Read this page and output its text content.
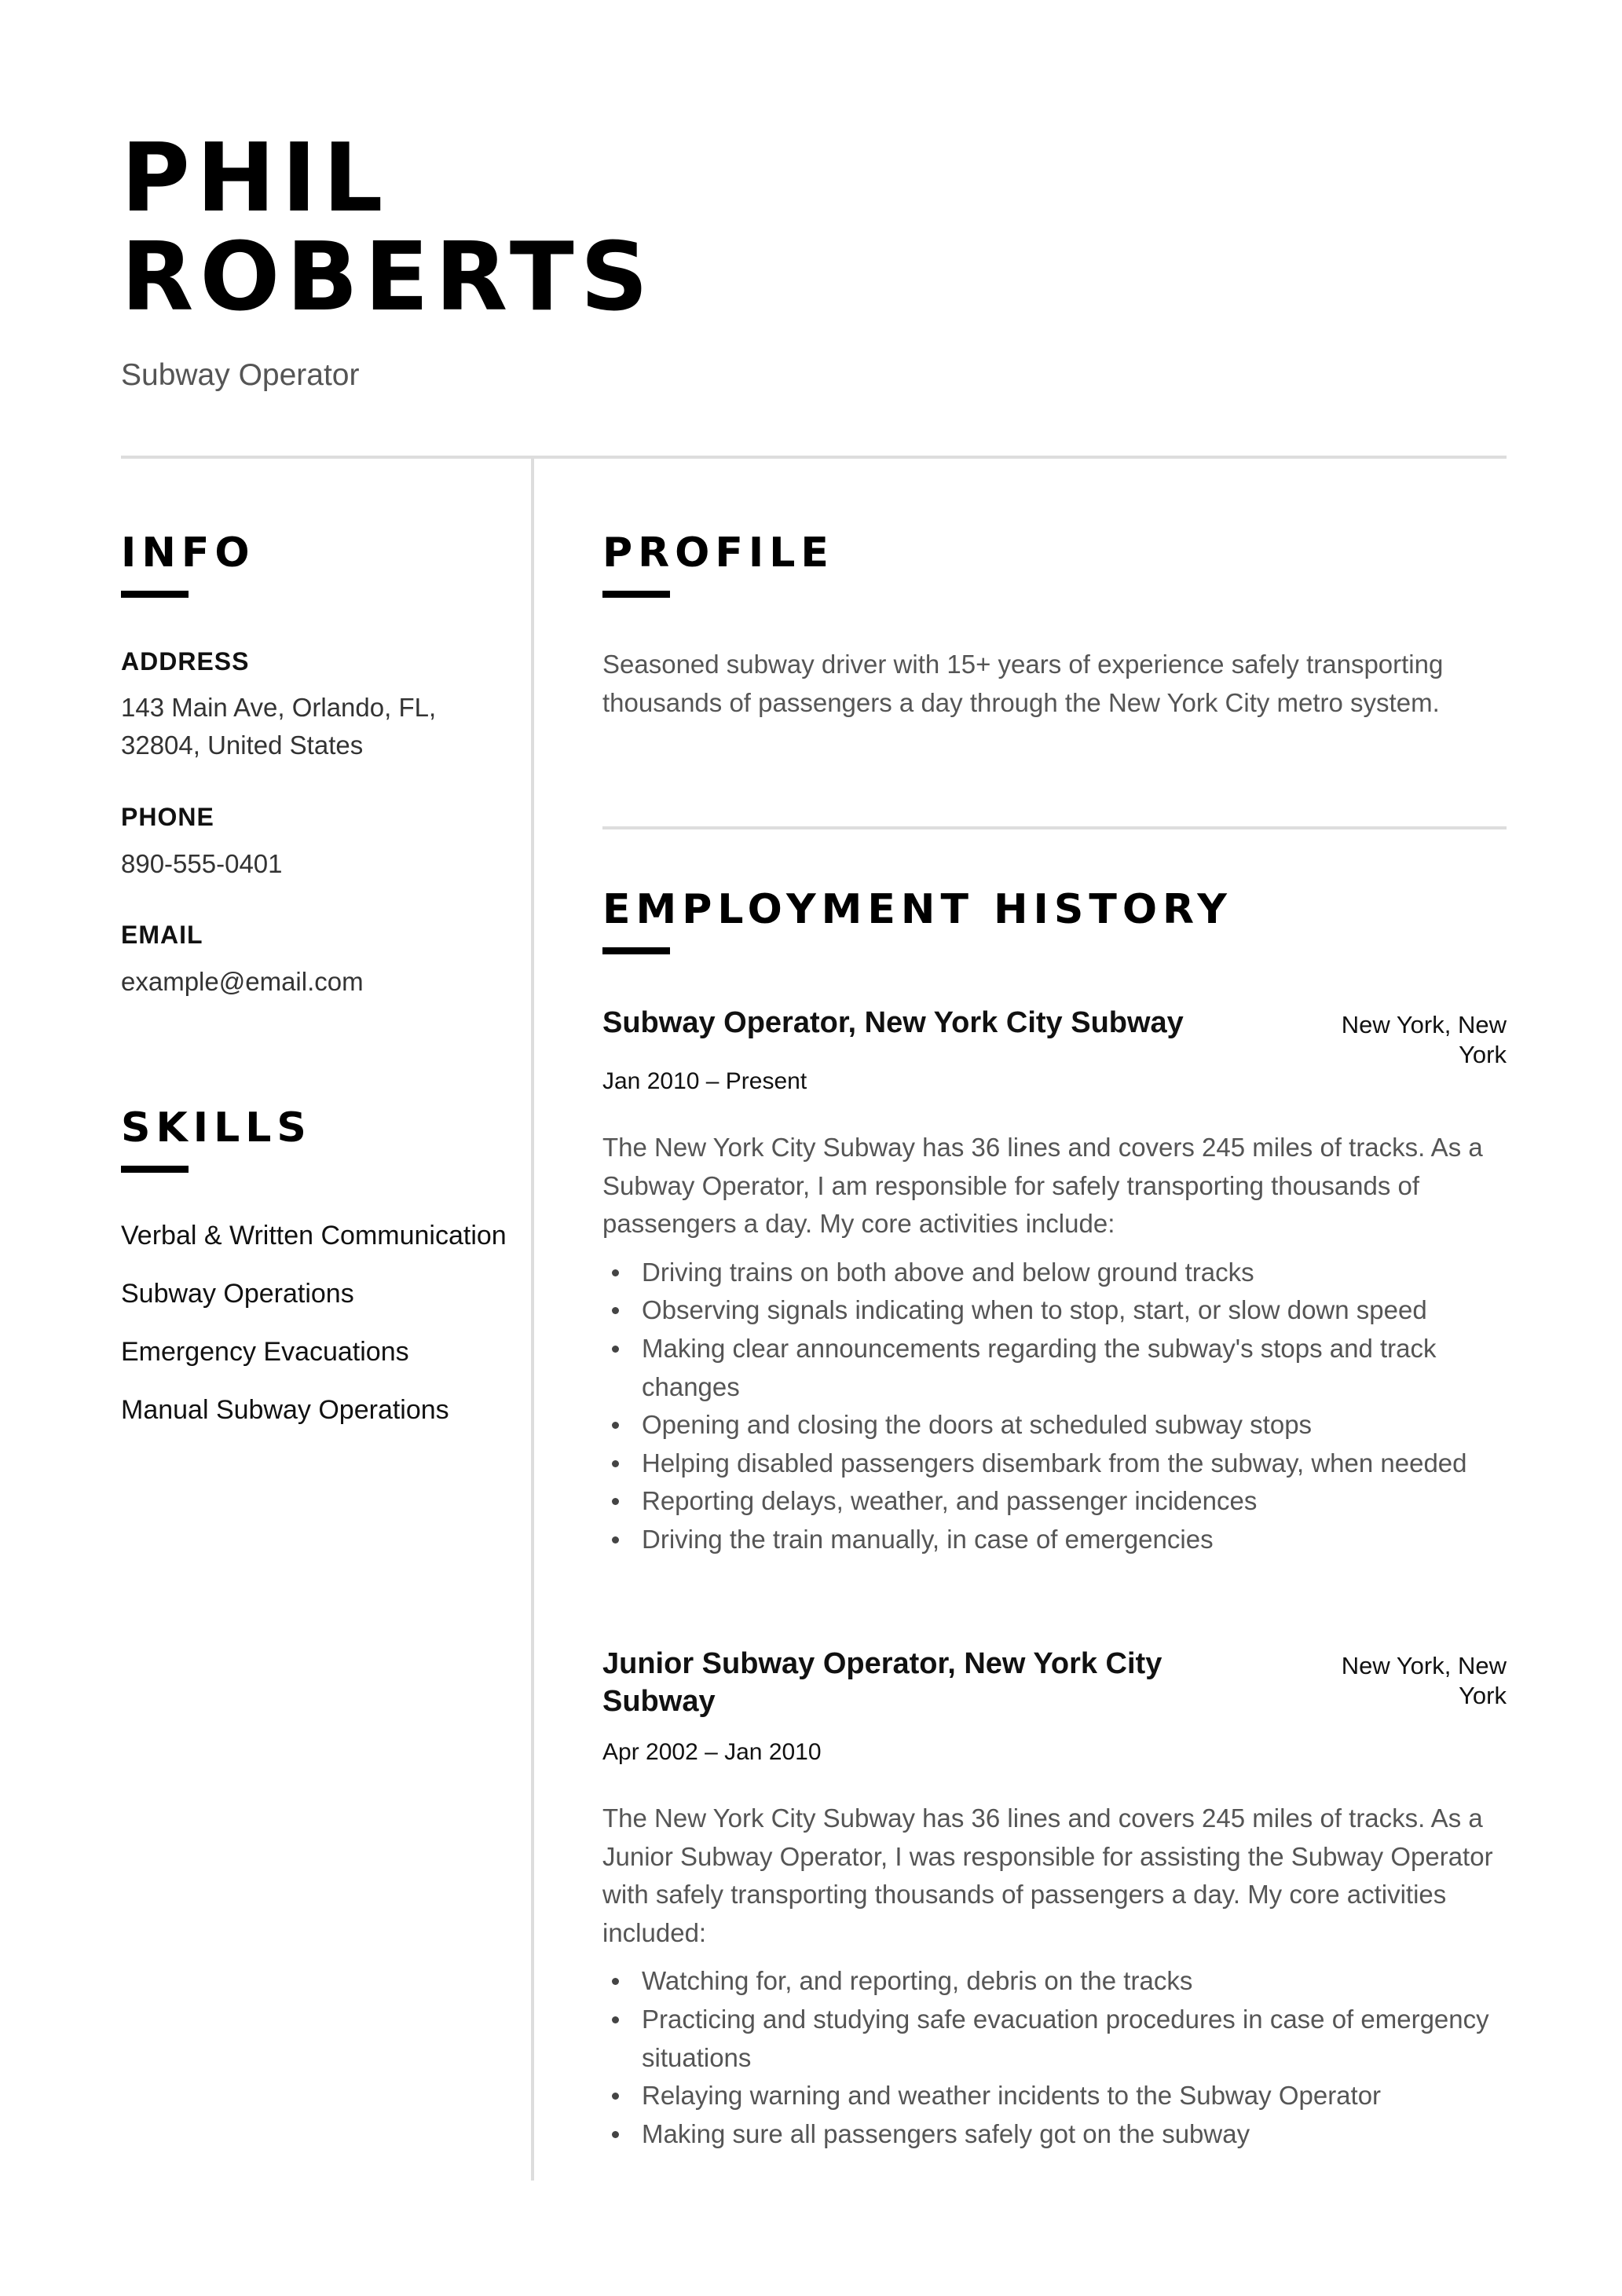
PHIL
ROBERTS
Subway Operator
INFO
ADDRESS
143 Main Ave, Orlando, FL, 32804, United States
PHONE
890-555-0401
EMAIL
example@email.com
SKILLS
Verbal & Written Communication
Subway Operations
Emergency Evacuations
Manual Subway Operations
PROFILE

Seasoned subway driver with 15+ years of experience safely transporting thousands of passengers a day through the New York City metro system.

EMPLOYMENT HISTORY
Subway Operator, New York City Subway	New York, New York
Jan 2010 – Present

The New York City Subway has 36 lines and covers 245 miles of tracks. As a Subway Operator, I am responsible for safely transporting thousands of passengers a day. My core activities include:

Driving trains on both above and below ground tracks
Observing signals indicating when to stop, start, or slow down speed
Making clear announcements regarding the subway's stops and track changes
Opening and closing the doors at scheduled subway stops
Helping disabled passengers disembark from the subway, when needed
Reporting delays, weather, and passenger incidences
Driving the train manually, in case of emergencies
Junior Subway Operator, New York City Subway
New York, New York
Apr 2002 – Jan 2010

The New York City Subway has 36 lines and covers 245 miles of tracks. As a Junior Subway Operator, I was responsible for assisting the Subway Operator with safely transporting thousands of passengers a day. My core activities included:

Watching for, and reporting, debris on the tracks
Practicing and studying safe evacuation procedures in case of emergency situations
Relaying warning and weather incidents to the Subway Operator
Making sure all passengers safely got on the subway
